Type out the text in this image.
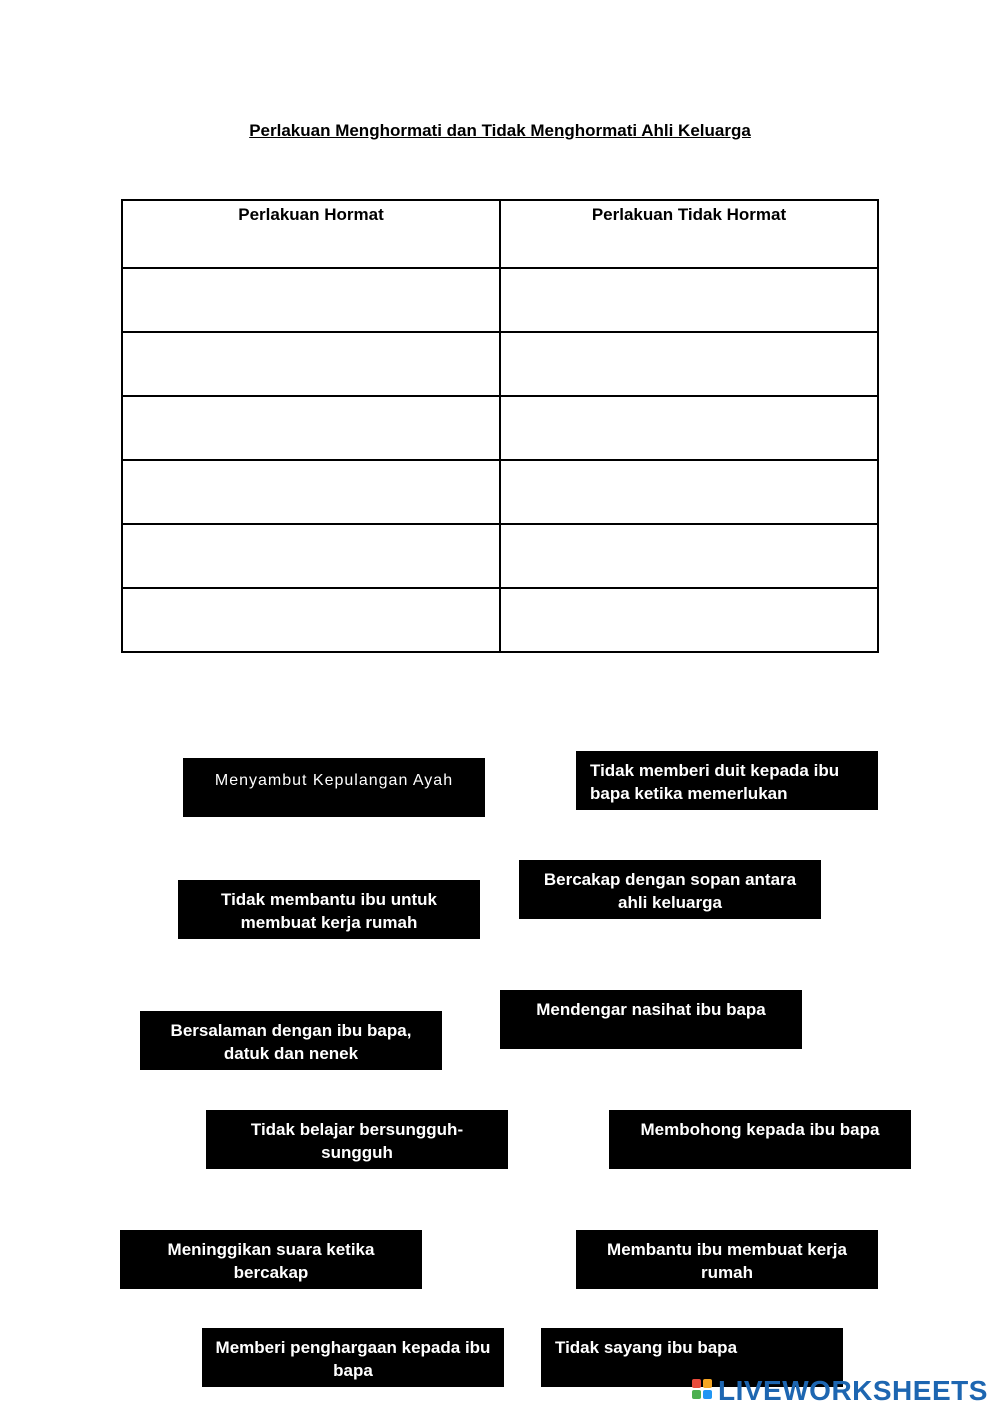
Perlakuan Menghormati dan Tidak Menghormati Ahli Keluarga
Perlakuan Hormat	Perlakuan Tidak Hormat

Menyambut Kepulangan Ayah
Tidak memberi duit kepada ibu bapa ketika memerlukan
Tidak membantu ibu untuk membuat kerja rumah
Bercakap dengan sopan antara ahli keluarga
Bersalaman dengan ibu bapa, datuk dan nenek
Mendengar nasihat ibu bapa
Tidak belajar bersungguh-sungguh
Membohong kepada ibu bapa
Meninggikan suara ketika bercakap
Membantu ibu membuat kerja rumah
Memberi penghargaan kepada ibu bapa
Tidak sayang ibu bapa
LIVEWORKSHEETS
